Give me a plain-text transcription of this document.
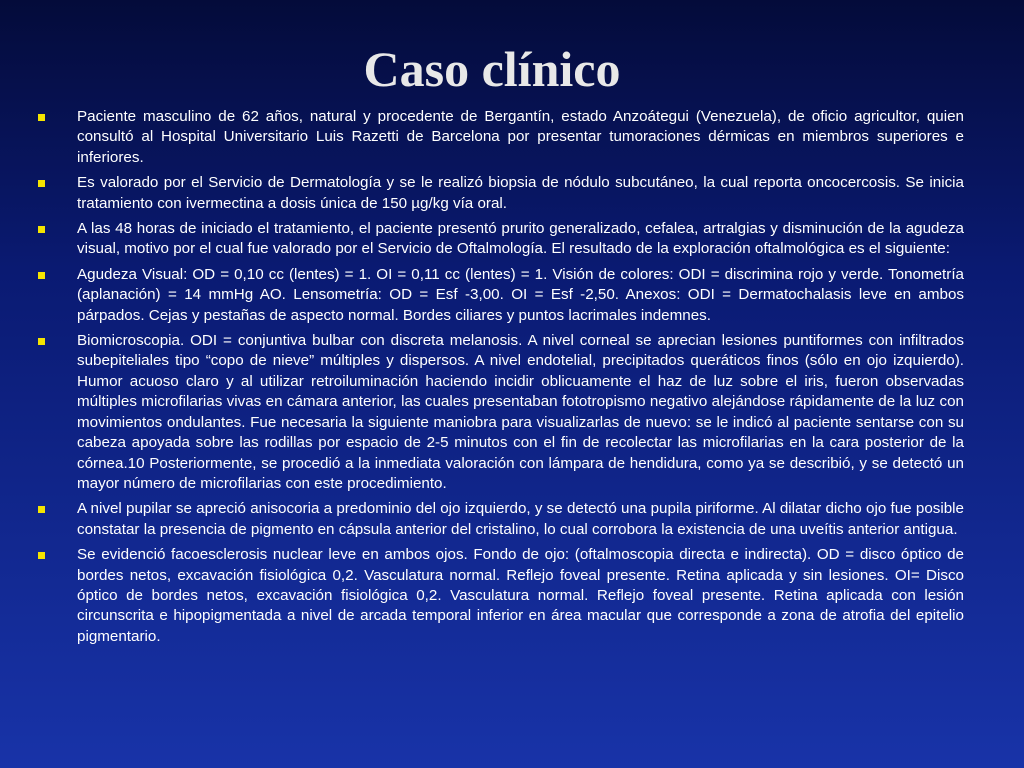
Caso clínico

Paciente masculino de 62 años, natural y procedente de Bergantín, estado Anzoátegui (Venezuela), de oficio agricultor, quien consultó al Hospital Universitario Luis Razetti de Barcelona por presentar tumoraciones dérmicas en miembros superiores e inferiores.

Es valorado por el Servicio de Dermatología y se le realizó biopsia de nódulo subcutáneo, la cual reporta oncocercosis. Se inicia tratamiento con ivermectina a dosis única de 150 µg/kg vía oral.

A las 48 horas de iniciado el tratamiento, el paciente presentó prurito generalizado, cefalea, artralgias y disminución de la agudeza visual, motivo por el cual fue valorado por el Servicio de Oftalmología. El resultado de la exploración oftalmológica es el siguiente:

Agudeza Visual: OD = 0,10 cc (lentes) = 1. OI = 0,11 cc (lentes) = 1. Visión de colores: ODI = discrimina rojo y verde. Tonometría (aplanación) = 14 mmHg AO. Lensometría: OD = Esf -3,00. OI = Esf -2,50. Anexos: ODI = Dermatochalasis leve en ambos párpados. Cejas y pestañas de aspecto normal. Bordes ciliares y puntos lacrimales indemnes.

Biomicroscopia. ODI = conjuntiva bulbar con discreta melanosis. A nivel corneal se aprecian lesiones puntiformes con infiltrados subepiteliales tipo “copo de nieve” múltiples y dispersos. A nivel endotelial, precipitados queráticos finos (sólo en ojo izquierdo). Humor acuoso claro y al utilizar retroiluminación haciendo incidir oblicuamente el haz de luz sobre el iris, fueron observadas múltiples microfilarias vivas en cámara anterior, las cuales presentaban fototropismo negativo alejándose rápidamente de la luz con movimientos ondulantes. Fue necesaria la siguiente maniobra para visualizarlas de nuevo: se le indicó al paciente sentarse con su cabeza apoyada sobre las rodillas por espacio de 2-5 minutos con el fin de recolectar las microfilarias en la cara posterior de la córnea.10 Posteriormente, se procedió a la inmediata valoración con lámpara de hendidura, como ya se describió, y se detectó un mayor número de microfilarias con este procedimiento.

A nivel pupilar se apreció anisocoria a predominio del ojo izquierdo, y se detectó una pupila piriforme. Al dilatar dicho ojo fue posible constatar la presencia de pigmento en cápsula anterior del cristalino, lo cual corrobora la existencia de una uveítis anterior antigua.

Se evidenció facoesclerosis nuclear leve en ambos ojos. Fondo de ojo: (oftalmoscopia directa e indirecta). OD = disco óptico de bordes netos, excavación fisiológica 0,2. Vasculatura normal. Reflejo foveal presente. Retina aplicada y sin lesiones. OI= Disco óptico de bordes netos, excavación fisiológica 0,2. Vasculatura normal. Reflejo foveal presente. Retina aplicada con lesión circunscrita e hipopigmentada a nivel de arcada temporal inferior en área macular que corresponde a zona de atrofia del epitelio pigmentario.
